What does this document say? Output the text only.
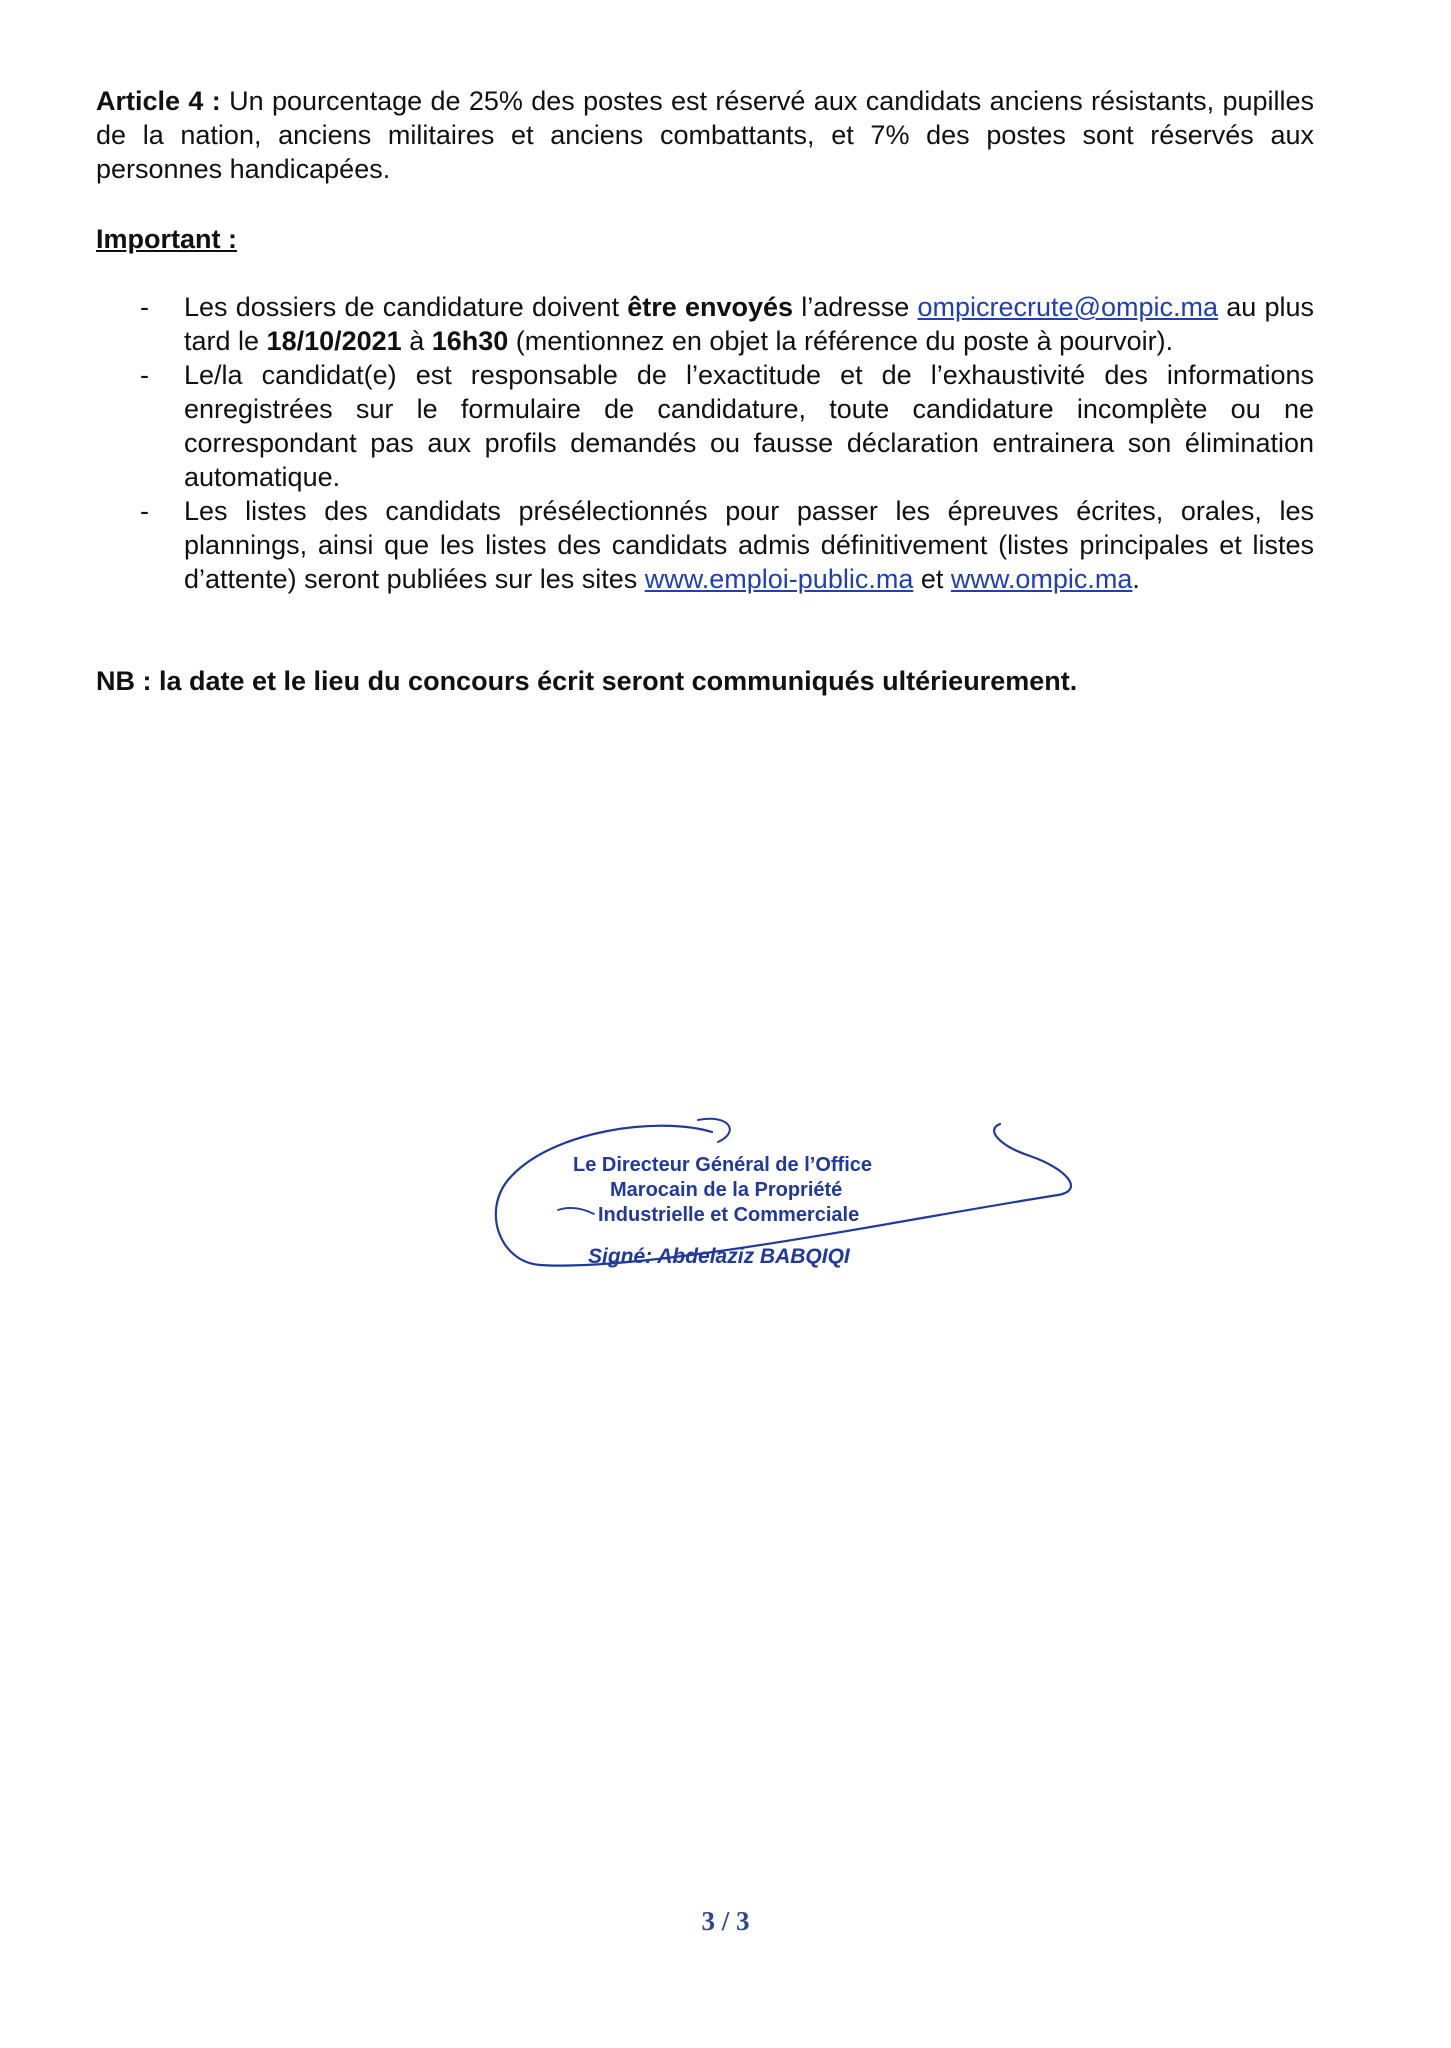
Article 4 : Un pourcentage de 25% des postes est réservé aux candidats anciens résistants, pupilles de la nation, anciens militaires et anciens combattants, et 7% des postes sont réservés aux personnes handicapées.

Important :
- Les dossiers de candidature doivent être envoyés l’adresse ompicrecrute@ompic.ma au plus tard le 18/10/2021 à 16h30 (mentionnez en objet la référence du poste à pourvoir).
- Le/la candidat(e) est responsable de l’exactitude et de l’exhaustivité des informations enregistrées sur le formulaire de candidature, toute candidature incomplète ou ne correspondant pas aux profils demandés ou fausse déclaration entrainera son élimination automatique.
- Les listes des candidats présélectionnés pour passer les épreuves écrites, orales, les plannings, ainsi que les listes des candidats admis définitivement (listes principales et listes d’attente) seront publiées sur les sites www.emploi-public.ma et www.ompic.ma.
NB : la date et le lieu du concours écrit seront communiqués ultérieurement.
Le Directeur Général de l’Office
Marocain de la Propriété
Industrielle et Commerciale
Signé: Abdelaziz BABQIQI
3 / 3
